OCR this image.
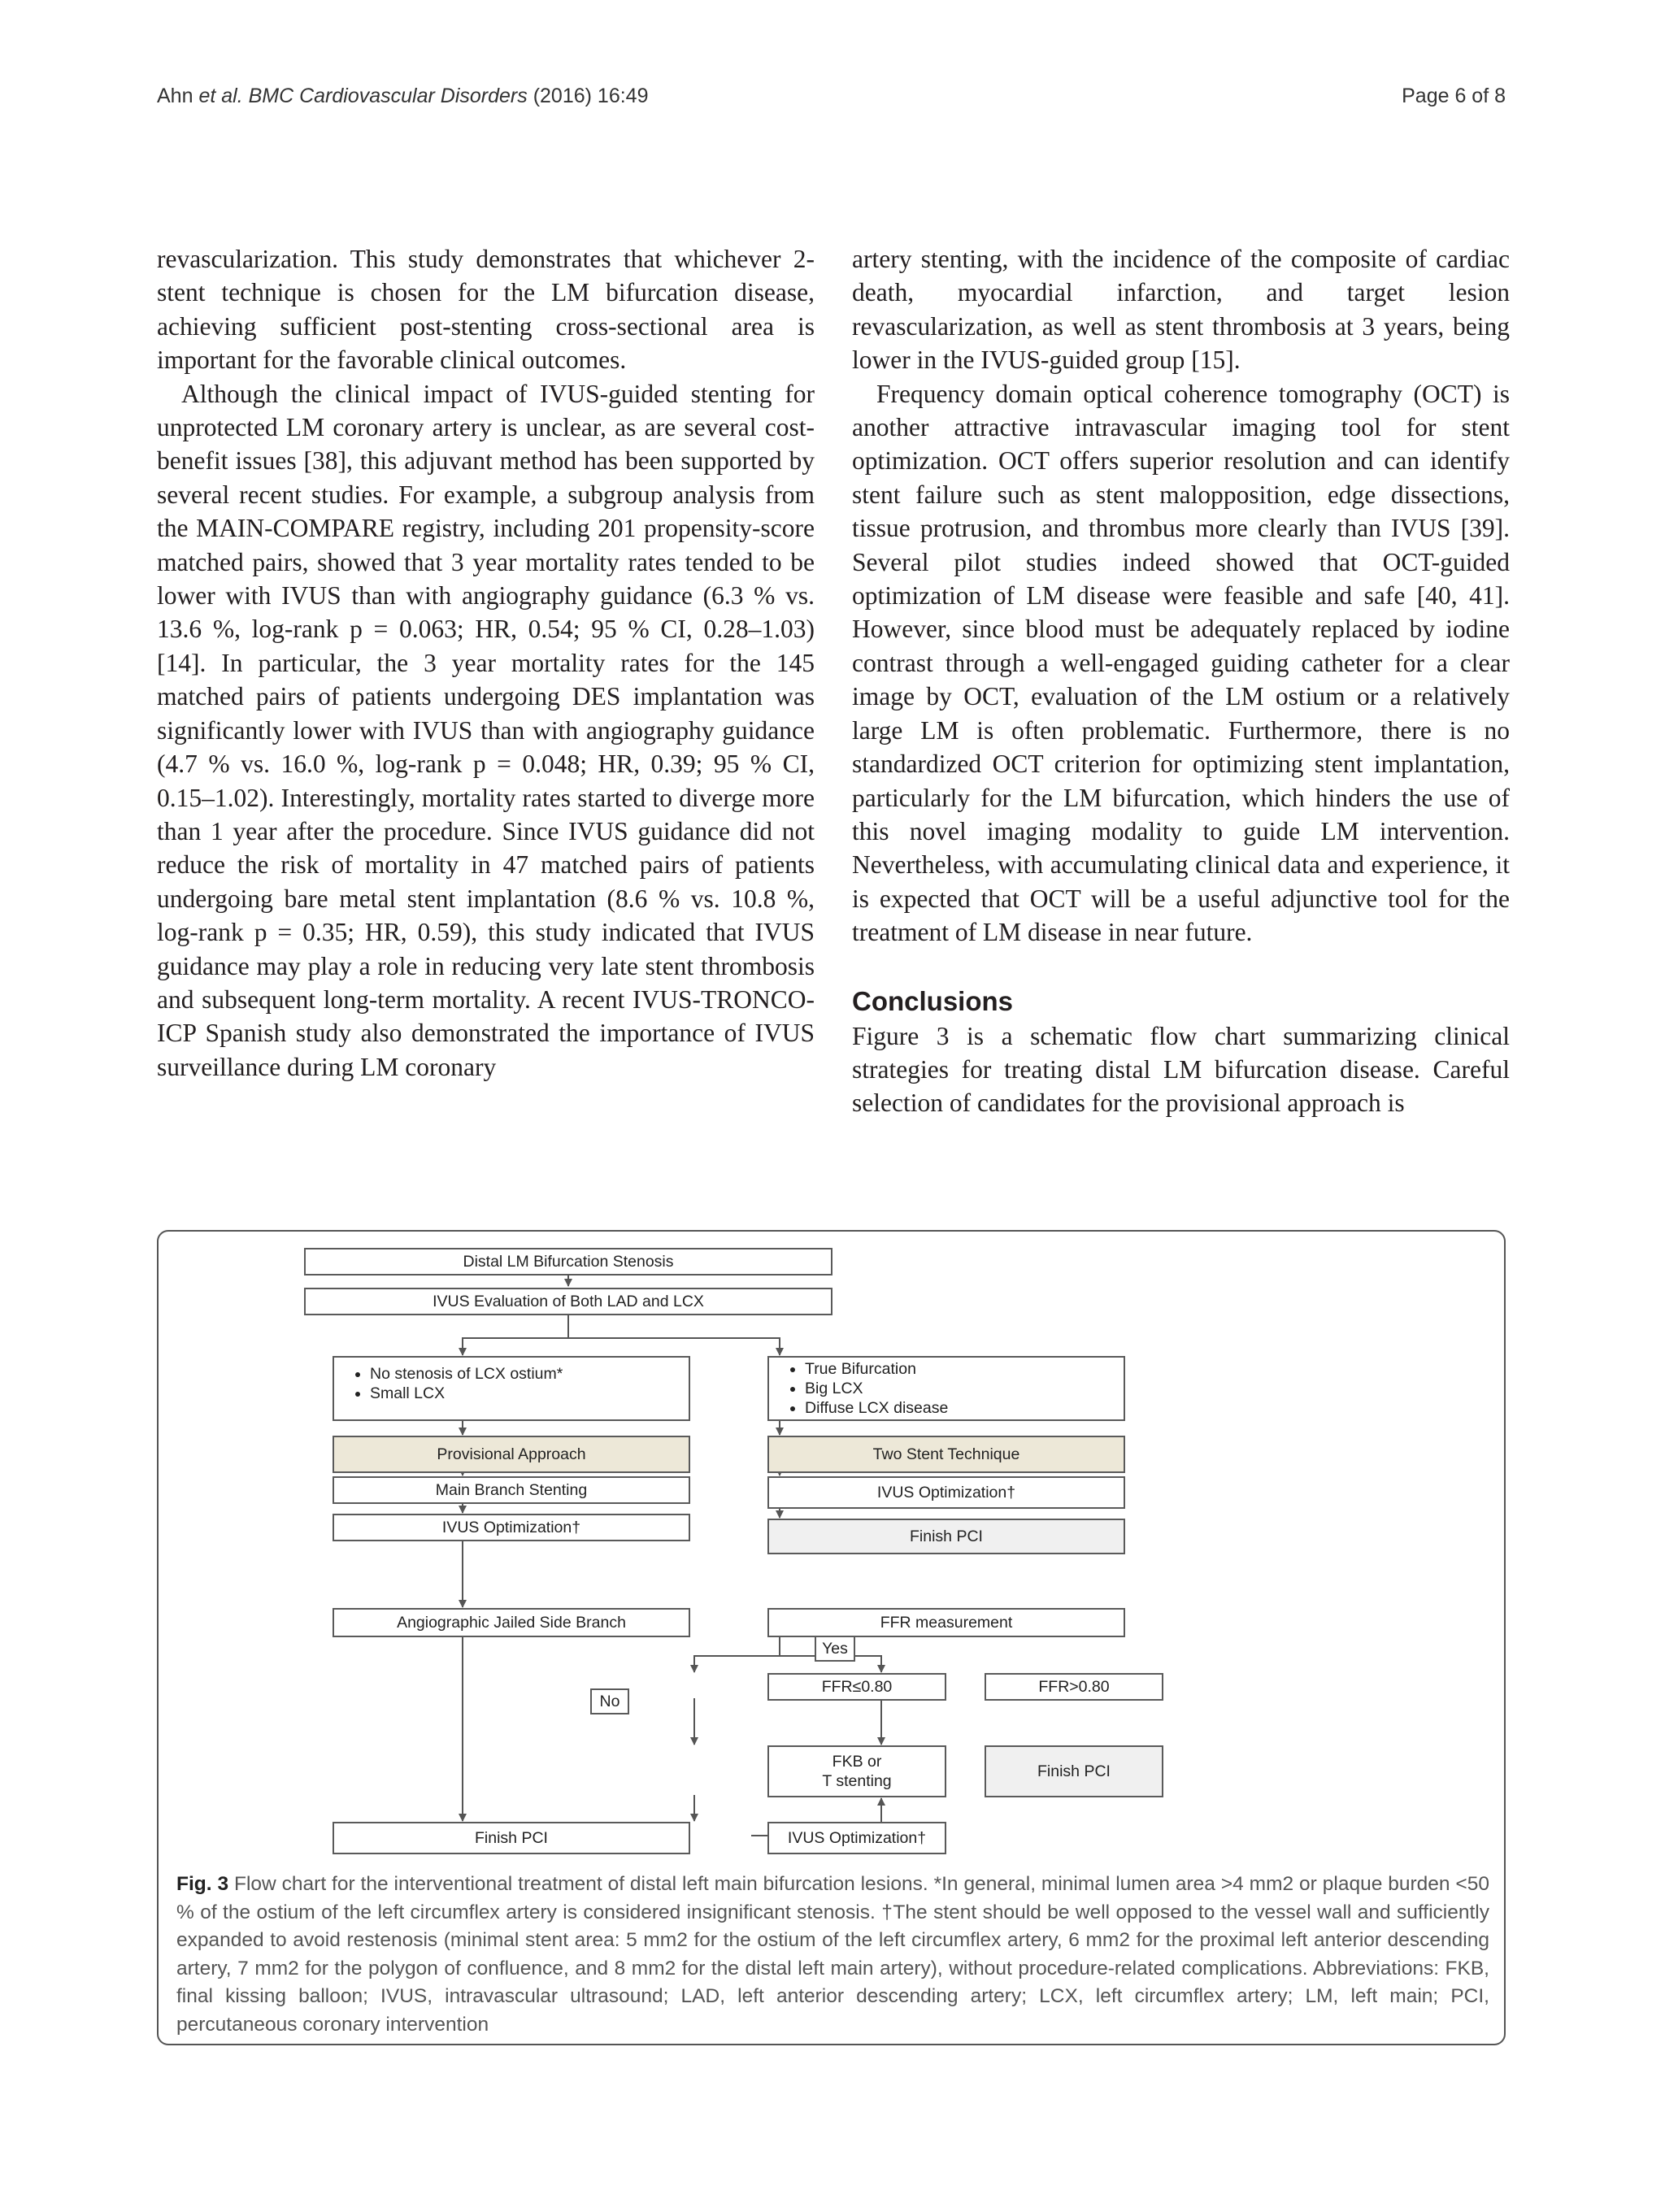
Ahn et al. BMC Cardiovascular Disorders (2016) 16:49	Page 6 of 8

revascularization. This study demonstrates that whichever 2-stent technique is chosen for the LM bifurcation disease, achieving sufficient post-stenting cross-sectional area is important for the favorable clinical outcomes.

Although the clinical impact of IVUS-guided stenting for unprotected LM coronary artery is unclear, as are several cost-benefit issues [38], this adjuvant method has been supported by several recent studies. For example, a subgroup analysis from the MAIN-COMPARE registry, including 201 propensity-score matched pairs, showed that 3 year mortality rates tended to be lower with IVUS than with angiography guidance (6.3 % vs. 13.6 %, log-rank p = 0.063; HR, 0.54; 95 % CI, 0.28–1.03) [14]. In particular, the 3 year mortality rates for the 145 matched pairs of patients undergoing DES implantation was significantly lower with IVUS than with angiography guidance (4.7 % vs. 16.0 %, log-rank p = 0.048; HR, 0.39; 95 % CI, 0.15–1.02). Interestingly, mortality rates started to diverge more than 1 year after the procedure. Since IVUS guidance did not reduce the risk of mortality in 47 matched pairs of patients undergoing bare metal stent implantation (8.6 % vs. 10.8 %, log-rank p = 0.35; HR, 0.59), this study indicated that IVUS guidance may play a role in reducing very late stent thrombosis and subsequent long-term mortality. A recent IVUS-TRONCO-ICP Spanish study also demonstrated the importance of IVUS surveillance during LM coronary

artery stenting, with the incidence of the composite of cardiac death, myocardial infarction, and target lesion revascularization, as well as stent thrombosis at 3 years, being lower in the IVUS-guided group [15].

Frequency domain optical coherence tomography (OCT) is another attractive intravascular imaging tool for stent optimization. OCT offers superior resolution and can identify stent failure such as stent malopposition, edge dissections, tissue protrusion, and thrombus more clearly than IVUS [39]. Several pilot studies indeed showed that OCT-guided optimization of LM disease were feasible and safe [40, 41]. However, since blood must be adequately replaced by iodine contrast through a well-engaged guiding catheter for a clear image by OCT, evaluation of the LM ostium or a relatively large LM is often problematic. Furthermore, there is no standardized OCT criterion for optimizing stent implantation, particularly for the LM bifurcation, which hinders the use of this novel imaging modality to guide LM intervention. Nevertheless, with accumulating clinical data and experience, it is expected that OCT will be a useful adjunctive tool for the treatment of LM disease in near future.

Conclusions

Figure 3 is a schematic flow chart summarizing clinical strategies for treating distal LM bifurcation disease. Careful selection of candidates for the provisional approach is

Distal LM Bifurcation Stenosis
IVUS Evaluation of Both LAD and LCX
• No stenosis of LCX ostium*
• Small LCX
• True Bifurcation
• Big LCX
• Diffuse LCX disease
Provisional Approach	Two Stent Technique
Main Branch Stenting	IVUS Optimization†
IVUS Optimization†	Finish PCI
Angiographic Jailed Side Branch	FFR measurement
Yes
No
FFR≤0.80	FFR>0.80
FKB or
T stenting
Finish PCI
Finish PCI	IVUS Optimization†
Fig. 3 Flow chart for the interventional treatment of distal left main bifurcation lesions. *In general, minimal lumen area >4 mm2 or plaque burden <50 % of the ostium of the left circumflex artery is considered insignificant stenosis. †The stent should be well opposed to the vessel wall and sufficiently expanded to avoid restenosis (minimal stent area: 5 mm2 for the ostium of the left circumflex artery, 6 mm2 for the proximal left anterior descending artery, 7 mm2 for the polygon of confluence, and 8 mm2 for the distal left main artery), without procedure-related complications. Abbreviations: FKB, final kissing balloon; IVUS, intravascular ultrasound; LAD, left anterior descending artery; LCX, left circumflex artery; LM, left main; PCI, percutaneous coronary intervention
